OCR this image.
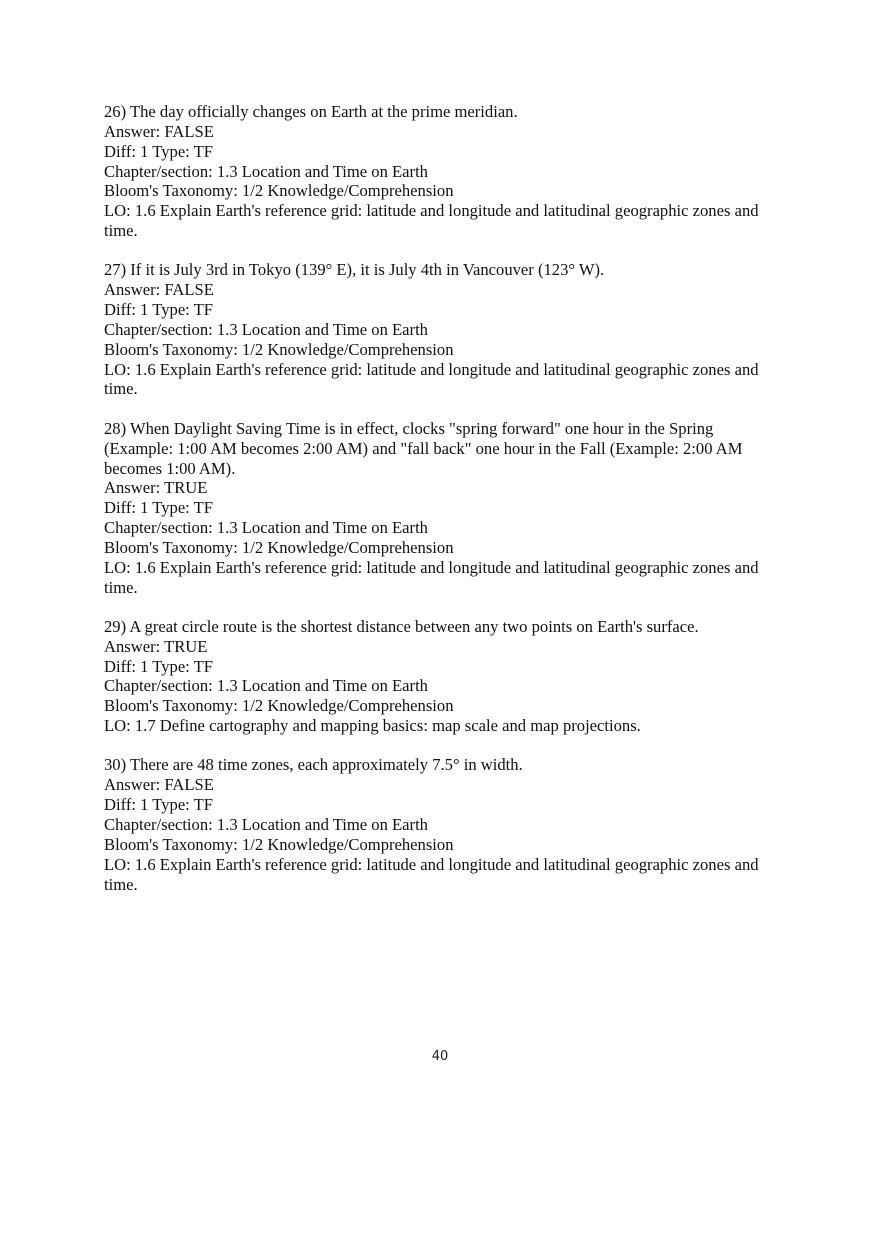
26) The day officially changes on Earth at the prime meridian.
Answer: FALSE
Diff: 1 Type: TF
Chapter/section: 1.3 Location and Time on Earth
Bloom's Taxonomy: 1/2 Knowledge/Comprehension
LO: 1.6 Explain Earth's reference grid: latitude and longitude and latitudinal geographic zones and time.
27) If it is July 3rd in Tokyo (139° E), it is July 4th in Vancouver (123° W).
Answer: FALSE
Diff: 1 Type: TF
Chapter/section: 1.3 Location and Time on Earth
Bloom's Taxonomy: 1/2 Knowledge/Comprehension
LO: 1.6 Explain Earth's reference grid: latitude and longitude and latitudinal geographic zones and time.
28) When Daylight Saving Time is in effect, clocks "spring forward" one hour in the Spring (Example: 1:00 AM becomes 2:00 AM) and "fall back" one hour in the Fall (Example: 2:00 AM becomes 1:00 AM).
Answer: TRUE
Diff: 1 Type: TF
Chapter/section: 1.3 Location and Time on Earth
Bloom's Taxonomy: 1/2 Knowledge/Comprehension
LO: 1.6 Explain Earth's reference grid: latitude and longitude and latitudinal geographic zones and time.
29) A great circle route is the shortest distance between any two points on Earth's surface.
Answer: TRUE
Diff: 1 Type: TF
Chapter/section: 1.3 Location and Time on Earth
Bloom's Taxonomy: 1/2 Knowledge/Comprehension
LO: 1.7 Define cartography and mapping basics: map scale and map projections.
30) There are 48 time zones, each approximately 7.5° in width.
Answer: FALSE
Diff: 1 Type: TF
Chapter/section: 1.3 Location and Time on Earth
Bloom's Taxonomy: 1/2 Knowledge/Comprehension
LO: 1.6 Explain Earth's reference grid: latitude and longitude and latitudinal geographic zones and time.
40
